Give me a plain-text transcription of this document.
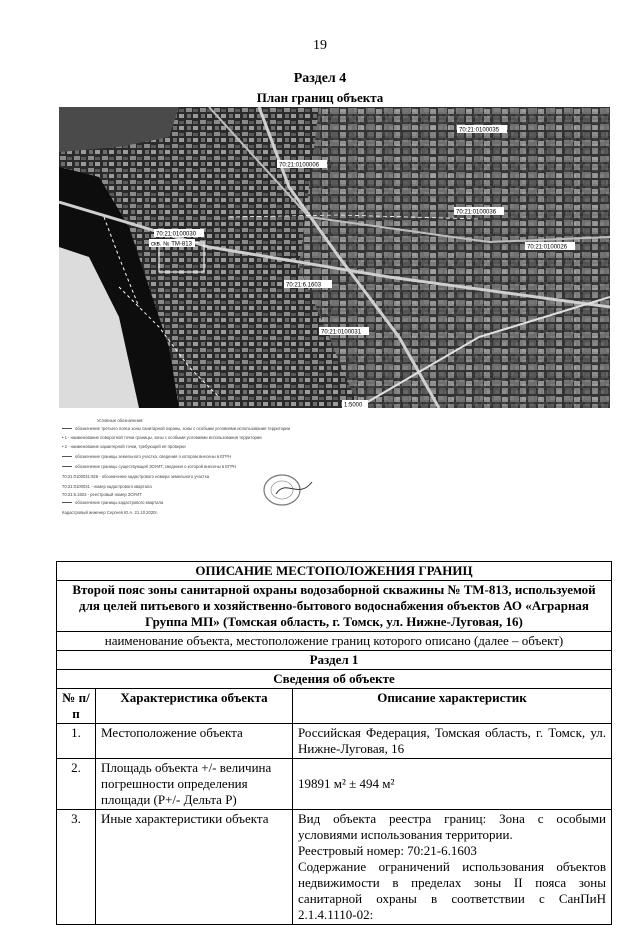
19
Раздел 4
План границ объекта
70:21:0100035
70:21:0100006
70:21:0100026
70:21:6.1603
70:21:0100031
70:21:0100030
70:21:0100036
скв. № ТМ-813
1:5000
Условные обозначения:
обозначение третьего пояса зоны санитарной охраны, зоны с особыми условиями использования территории
• 1 - наименование поворотной точки границы, зоны с особыми условиями использования территории
• 2 - наименование характерной точки, требующей её проверки
обозначение границы земельного участка, сведения о котором внесены в ЕГРН
обозначение границы существующей ЗОУИТ, сведения о которой внесены в ЕГРН
70:21:0100031:926 - обозначение кадастрового номера земельного участка
70:21:0100031 - номер кадастрового квартала
70:21:6.1603 - реестровый номер ЗОУИТ
обозначение границы кадастрового квартала
Кадастровый инженер Сергеев Ю.А. 21.10.2020г.
ОПИСАНИЕ МЕСТОПОЛОЖЕНИЯ ГРАНИЦ		
Второй пояс зоны санитарной охраны водозаборной скважины № ТМ-813, используемой для целей питьевого и хозяйственно-бытового водоснабжения объектов АО «Аграрная Группа МП» (Томская область, г. Томск, ул. Нижне-Луговая, 16)		
наименование объекта, местоположение границ которого описано (далее – объект)		
Раздел 1		
Сведения об объекте		
№ п/п	Характеристика объекта	Описание характеристик
1.	Местоположение объекта	Российская Федерация, Томская область, г. Томск, ул. Нижне-Луговая, 16
2.	Площадь объекта +/- величина погрешности определения площади (Р+/- Дельта Р)	19891 м² ± 494 м²
3.	Иные характеристики объекта	Вид объекта реестра границ: Зона с особыми условиями использования территории.
Реестровый номер: 70:21-6.1603
Содержание ограничений использования объектов недвижимости в пределах зоны II пояса зоны санитарной охраны в соответствии с СанПиН 2.1.4.1110-02:
